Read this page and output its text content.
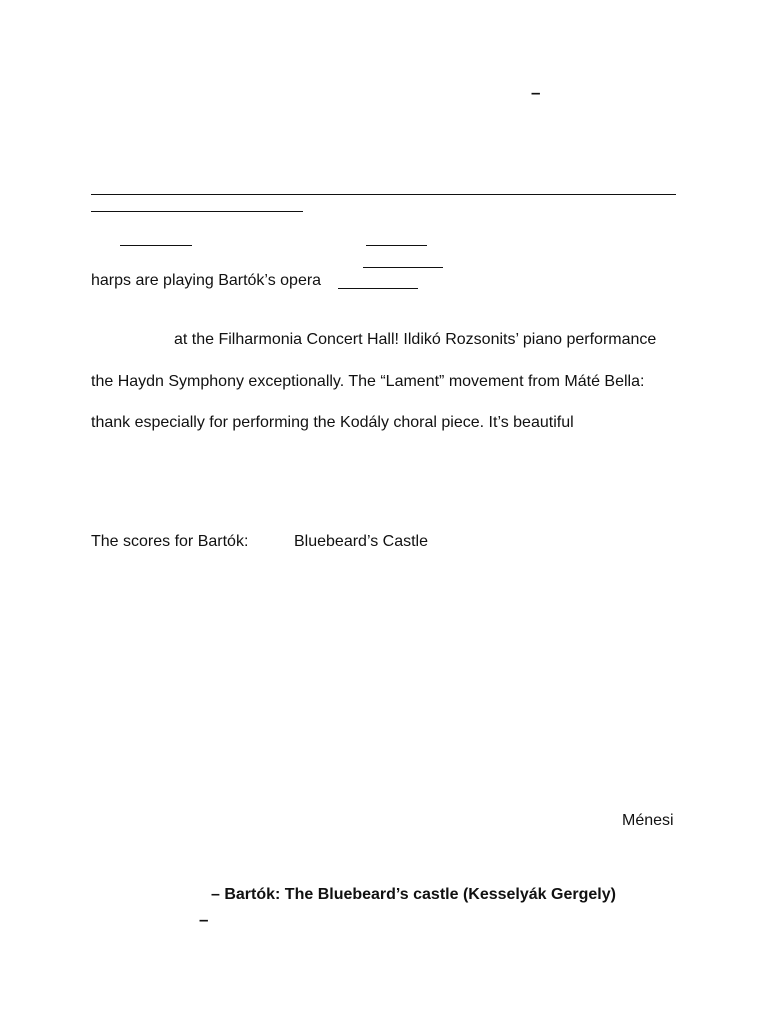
–
harps are playing Bartók’s opera
at the Filharmonia Concert Hall! Ildikó Rozsonits’ piano performance
the Haydn Symphony exceptionally. The “Lament” movement from Máté Bella:
thank especially for performing the Kodály choral piece. It’s beautiful
The scores for Bartók:	Bluebeard’s Castle
Ménesi
– Bartók: The Bluebeard’s castle (Kesselyák Gergely)
–
